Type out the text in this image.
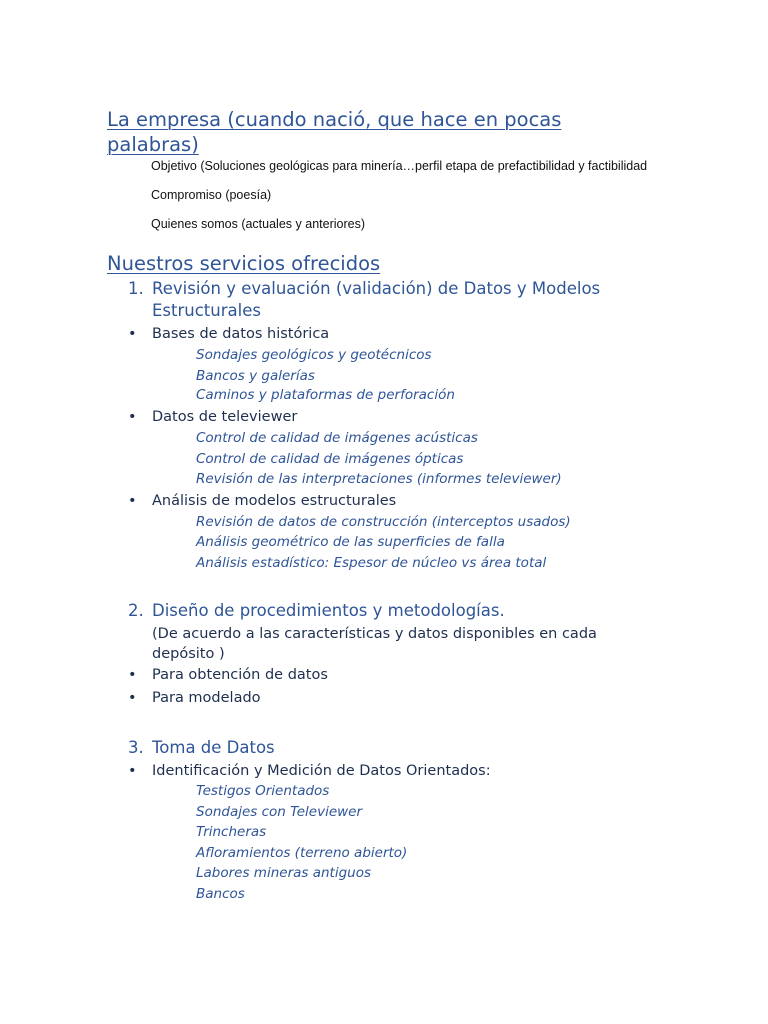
La empresa (cuando nació, que hace en pocas palabras)
Objetivo (Soluciones geológicas para minería…perfil etapa de prefactibilidad y factibilidad
Compromiso (poesía)
Quienes somos (actuales y anteriores)
Nuestros servicios ofrecidos
1. Revisión y evaluación (validación) de Datos y Modelos Estructurales
• Bases de datos histórica
Sondajes geológicos y geotécnicos
Bancos y galerías
Caminos y plataformas de perforación
• Datos de televiewer
Control de calidad de imágenes acústicas
Control de calidad de imágenes ópticas
Revisión de las interpretaciones (informes televiewer)
• Análisis de modelos estructurales
Revisión de datos de construcción (interceptos usados)
Análisis geométrico de las superficies de falla
Análisis estadístico: Espesor de núcleo vs área total
2. Diseño de procedimientos y metodologías.
(De acuerdo a las características y datos disponibles en cada depósito )
• Para obtención de datos
• Para modelado
3. Toma de Datos
• Identificación y Medición de Datos Orientados:
Testigos Orientados
Sondajes con Televiewer
Trincheras
Afloramientos (terreno abierto)
Labores mineras antiguos
Bancos
